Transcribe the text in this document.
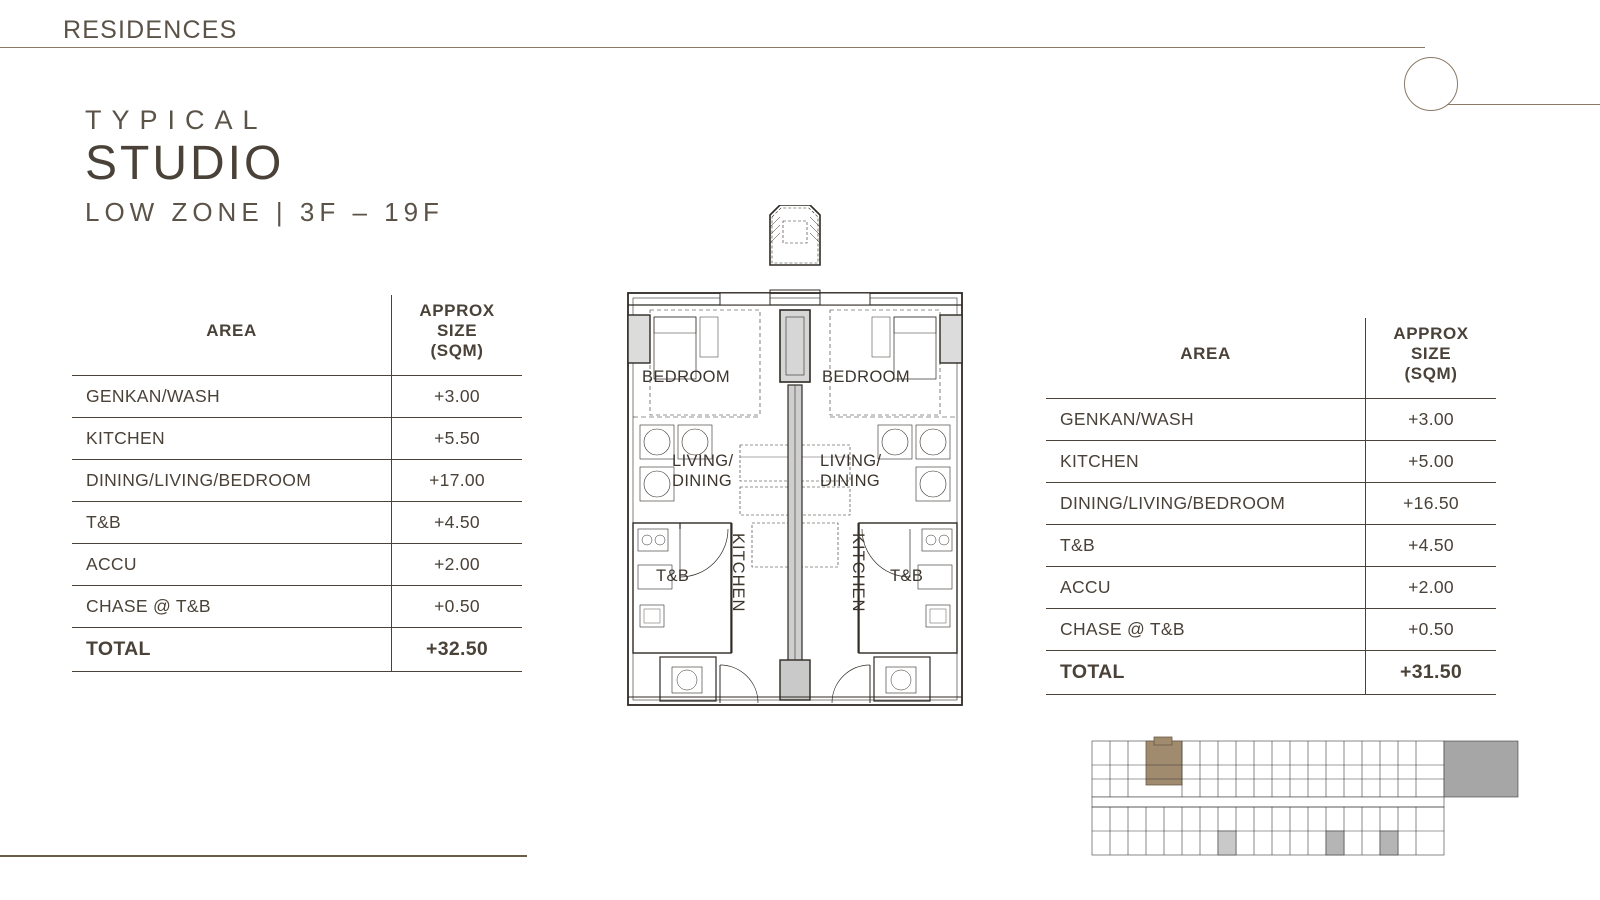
RESIDENCES
TYPICAL
STUDIO
LOW ZONE | 3F – 19F
AREA	APPROX
SIZE
(SQM)

GENKAN/WASH	+3.00
KITCHEN	+5.50
DINING/LIVING/BEDROOM	+17.00
T&B	+4.50
ACCU	+2.00
CHASE @ T&B	+0.50
TOTAL	+32.50
AREA	APPROX
SIZE
(SQM)

GENKAN/WASH	+3.00
KITCHEN	+5.00
DINING/LIVING/BEDROOM	+16.50
T&B	+4.50
ACCU	+2.00
CHASE @ T&B	+0.50
TOTAL	+31.50
BEDROOM	BEDROOM
LIVING/
DINING
LIVING/
DINING
T&B	T&B
KITCHEN	KITCHEN
